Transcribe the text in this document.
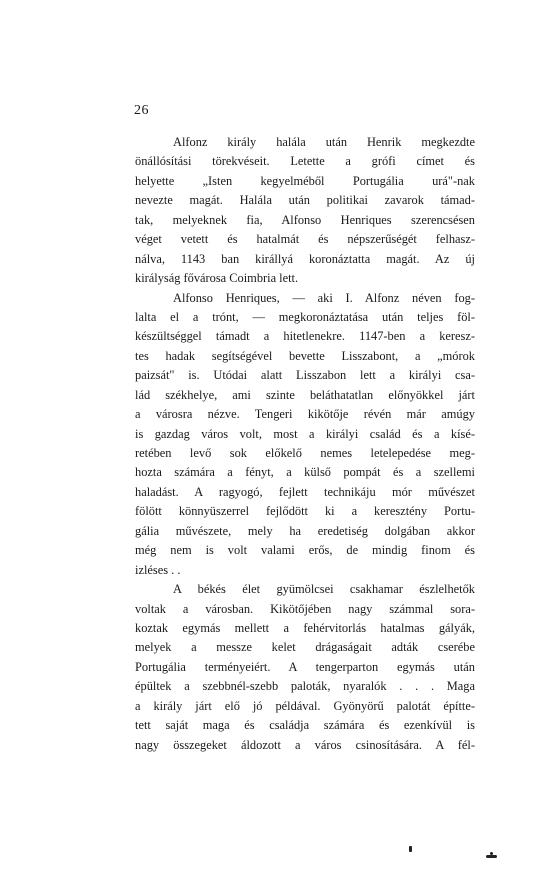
26
Alfonz király halála után Henrik megkezdte
önállósítási törekvéseit. Letette a grófi címet és
helyette „Isten kegyelméből Portugália urá"-nak
nevezte magát. Halála után politikai zavarok támad-
tak, melyeknek fia, Alfonso Henriques szerencsésen
véget vetett és hatalmát és népszerűségét felhasz-
nálva, 1143 ban királlyá koronáztatta magát. Az új
királyság fővárosa Coimbria lett.
Alfonso Henriques, — aki I. Alfonz néven fog-
lalta el a trónt, — megkoronáztatása után teljes föl-
készültséggel támadt a hitetlenekre. 1147-ben a keresz-
tes hadak segítségével bevette Lisszabont, a „mórok
paizsát" is. Utódai alatt Lisszabon lett a királyi csa-
lád székhelye, ami szinte beláthatatlan előnyökkel járt
a városra nézve. Tengeri kikötője révén már amúgy
is gazdag város volt, most a királyi család és a kísé-
retében levő sok előkelő nemes letelepedése meg-
hozta számára a fényt, a külső pompát és a szellemi
haladást. A ragyogó, fejlett technikáju mór művészet
fölött könnyüszerrel fejlődött ki a keresztény Portu-
gália művészete, mely ha eredetiség dolgában akkor
még nem is volt valami erős, de mindig finom és
izléses . .
A békés élet gyümölcsei csakhamar észlelhetők
voltak a városban. Kikötőjében nagy számmal sora-
koztak egymás mellett a fehérvitorlás hatalmas gályák,
melyek a messze kelet drágaságait adták cserébe
Portugália terményeiért. A tengerparton egymás után
épültek a szebbnél-szebb paloták, nyaralók . . . Maga
a király járt elő jó példával. Gyönyörű palotát építte-
tett saját maga és családja számára és ezenkívül is
nagy összegeket áldozott a város csinosítására. A fél-
